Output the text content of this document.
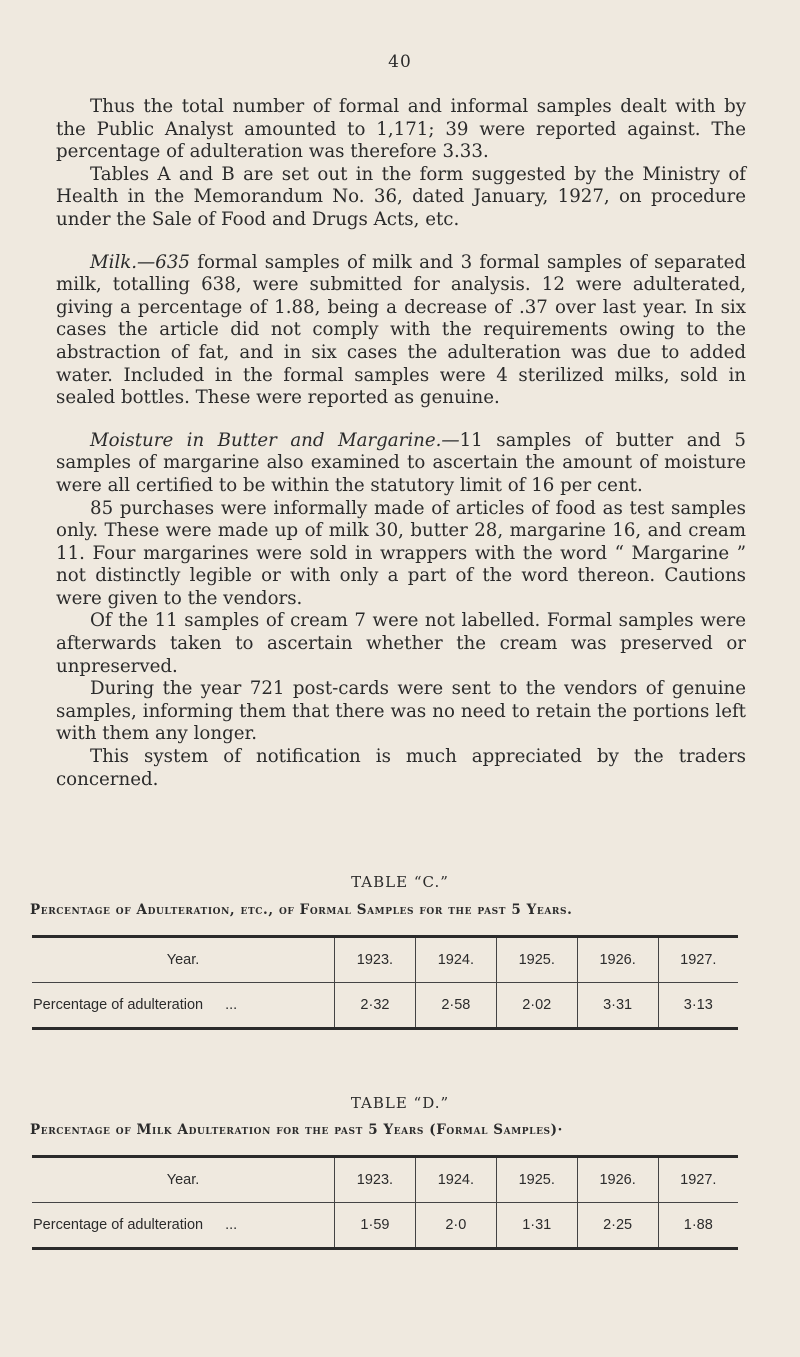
40

Thus the total number of formal and informal samples dealt with by the Public Analyst amounted to 1,171; 39 were reported against. The percentage of adulteration was therefore 3.33.

Tables A and B are set out in the form suggested by the Ministry of Health in the Memorandum No. 36, dated January, 1927, on procedure under the Sale of Food and Drugs Acts, etc.

Milk.—635 formal samples of milk and 3 formal samples of separated milk, totalling 638, were submitted for analysis. 12 were adulterated, giving a percentage of 1.88, being a decrease of .37 over last year. In six cases the article did not comply with the requirements owing to the abstraction of fat, and in six cases the adulteration was due to added water. Included in the formal samples were 4 sterilized milks, sold in sealed bottles. These were reported as genuine.

Moisture in Butter and Margarine.—11 samples of butter and 5 samples of margarine also examined to ascertain the amount of moisture were all certified to be within the statutory limit of 16 per cent.

85 purchases were informally made of articles of food as test samples only. These were made up of milk 30, butter 28, margarine 16, and cream 11. Four margarines were sold in wrappers with the word “ Margarine ” not distinctly legible or with only a part of the word thereon. Cautions were given to the vendors.

Of the 11 samples of cream 7 were not labelled. Formal samples were afterwards taken to ascertain whether the cream was preserved or unpreserved.

During the year 721 post-cards were sent to the vendors of genuine samples, informing them that there was no need to retain the portions left with them any longer.

This system of notification is much appreciated by the traders concerned.

TABLE “C.”
Percentage of Adulteration, etc., of Formal Samples for the past 5 Years.
Year.	1923.	1924.	1925.	1926.	1927.
Percentage of adulteration ...	2·32	2·58	2·02	3·31	3·13
TABLE “D.”
Percentage of Milk Adulteration for the past 5 Years (Formal Samples)·
Year.	1923.	1924.	1925.	1926.	1927.
Percentage of adulteration ...	1·59	2·0	1·31	2·25	1·88
